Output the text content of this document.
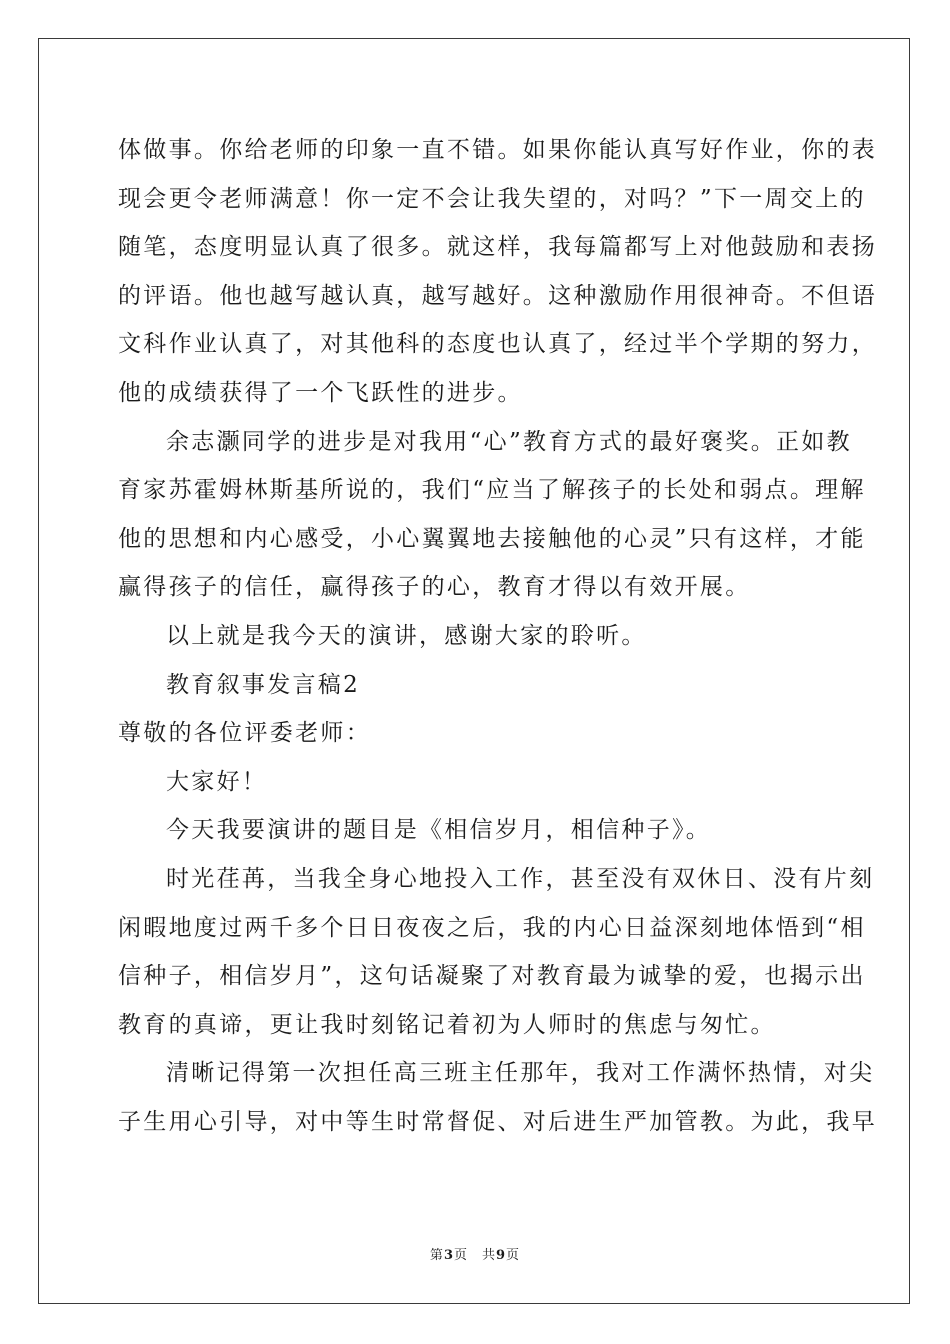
体做事。你给老师的印象一直不错。如果你能认真写好作业，你的表
现会更令老师满意！你一定不会让我失望的，对吗？”下一周交上的
随笔，态度明显认真了很多。就这样，我每篇都写上对他鼓励和表扬
的评语。他也越写越认真，越写越好。这种激励作用很神奇。不但语
文科作业认真了，对其他科的态度也认真了，经过半个学期的努力，
他的成绩获得了一个飞跃性的进步。
余志灏同学的进步是对我用“心”教育方式的最好褒奖。正如教
育家苏霍姆林斯基所说的，我们“应当了解孩子的长处和弱点。理解
他的思想和内心感受，小心翼翼地去接触他的心灵”只有这样，才能
赢得孩子的信任，赢得孩子的心，教育才得以有效开展。
以上就是我今天的演讲，感谢大家的聆听。
教育叙事发言稿2
尊敬的各位评委老师：
大家好！
今天我要演讲的题目是《相信岁月，相信种子》。
时光荏苒，当我全身心地投入工作，甚至没有双休日、没有片刻
闲暇地度过两千多个日日夜夜之后，我的内心日益深刻地体悟到“相
信种子，相信岁月”，这句话凝聚了对教育最为诚挚的爱，也揭示出
教育的真谛，更让我时刻铭记着初为人师时的焦虑与匆忙。
清晰记得第一次担任高三班主任那年，我对工作满怀热情，对尖
子生用心引导，对中等生时常督促、对后进生严加管教。为此，我早
第3页　共9页
